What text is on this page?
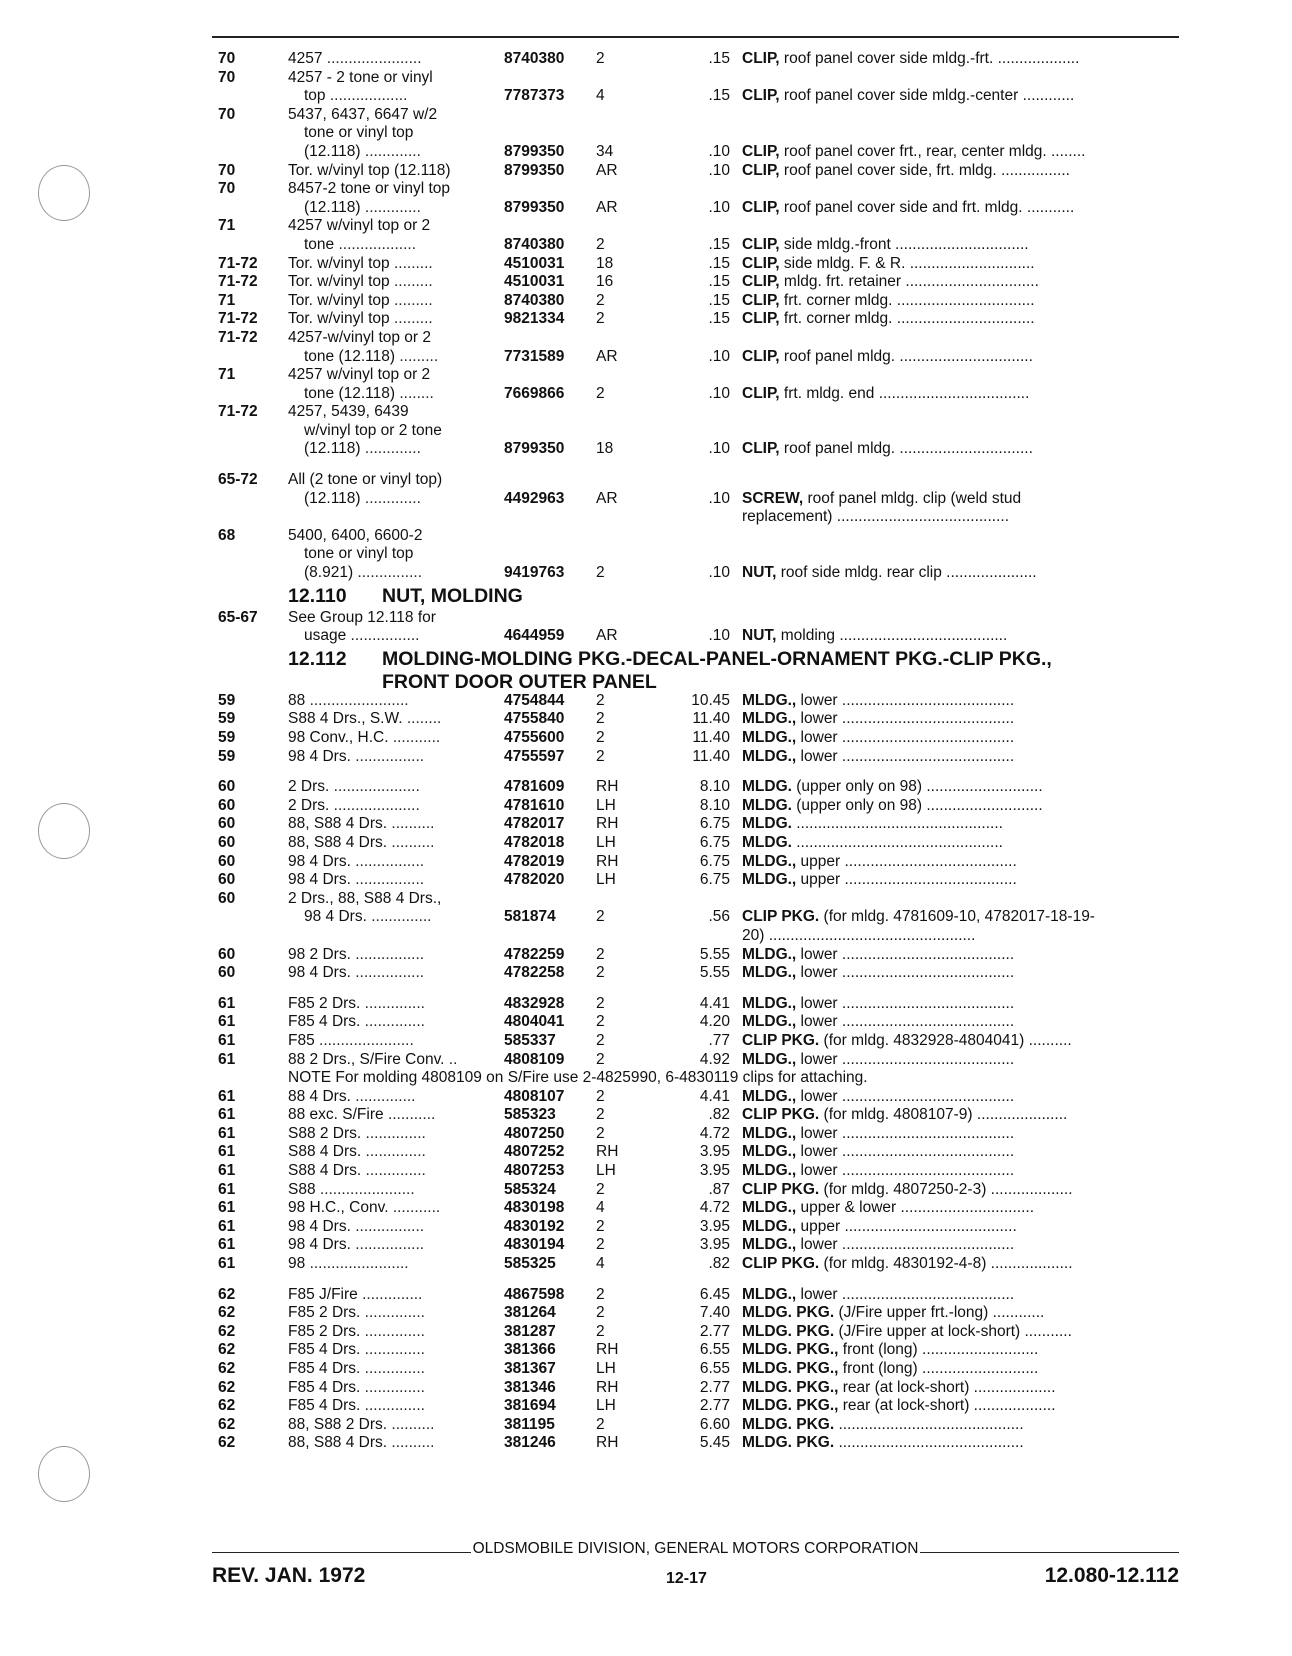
70	4257 ......................	8740380	2	.15 CLIP, roof panel cover side mldg.-frt. ...................
70	4257 - 2 tone or vinyl
top ..................	7787373	4	.15 CLIP, roof panel cover side mldg.-center ............
70	5437, 6437, 6647 w/2
tone or vinyl top
(12.118) .............	8799350	34	.10 CLIP, roof panel cover frt., rear, center mldg. ........
70	Tor. w/vinyl top (12.118)	8799350	AR	.10 CLIP, roof panel cover side, frt. mldg. ................
70	8457-2 tone or vinyl top
(12.118) .............	8799350	AR	.10 CLIP, roof panel cover side and frt. mldg. ...........
71	4257 w/vinyl top or 2
tone ..................	8740380	2	.15 CLIP, side mldg.-front ...............................
71-72	Tor. w/vinyl top .........	4510031	18	.15 CLIP, side mldg. F. & R. .............................
71-72	Tor. w/vinyl top .........	4510031	16	.15 CLIP, mldg. frt. retainer ...............................
71	Tor. w/vinyl top .........	8740380	2	.15 CLIP, frt. corner mldg. ................................
71-72	Tor. w/vinyl top .........	9821334	2	.15 CLIP, frt. corner mldg. ................................
71-72	4257-w/vinyl top or 2
tone (12.118) .........	7731589	AR	.10 CLIP, roof panel mldg. ...............................
71	4257 w/vinyl top or 2
tone (12.118) ........	7669866	2	.10 CLIP, frt. mldg. end ...................................
71-72	4257, 5439, 6439
w/vinyl top or 2 tone
(12.118) .............	8799350	18	.10 CLIP, roof panel mldg. ...............................
65-72	All (2 tone or vinyl top)
(12.118) .............	4492963	AR	.10 SCREW, roof panel mldg. clip (weld stud
replacement) ........................................
68	5400, 6400, 6600-2
tone or vinyl top
(8.921) ...............	9419763	2	.10 NUT, roof side mldg. rear clip .....................
12.110 NUT, MOLDING
65-67	See Group 12.118 for
usage ................	4644959	AR	.10 NUT, molding .......................................
12.112 MOLDING-MOLDING PKG.-DECAL-PANEL-ORNAMENT PKG.-CLIP PKG.,
FRONT DOOR OUTER PANEL
59	88 .......................	4754844	2	10.45 MLDG., lower ........................................
59	S88 4 Drs., S.W. ........	4755840	2	11.40 MLDG., lower ........................................
59	98 Conv., H.C. ...........	4755600	2	11.40 MLDG., lower ........................................
59	98 4 Drs. ................	4755597	2	11.40 MLDG., lower ........................................
60	2 Drs. ....................	4781609	RH	8.10 MLDG. (upper only on 98) ...........................
60	2 Drs. ....................	4781610	LH	8.10 MLDG. (upper only on 98) ...........................
60	88, S88 4 Drs. ..........	4782017	RH	6.75 MLDG. ................................................
60	88, S88 4 Drs. ..........	4782018	LH	6.75 MLDG. ................................................
60	98 4 Drs. ................	4782019	RH	6.75 MLDG., upper ........................................
60	98 4 Drs. ................	4782020	LH	6.75 MLDG., upper ........................................
60	2 Drs., 88, S88 4 Drs.,
98 4 Drs. ..............	581874	2	.56 CLIP PKG. (for mldg. 4781609-10, 4782017-18-19-
20) ................................................
60	98 2 Drs. ................	4782259	2	5.55 MLDG., lower ........................................
60	98 4 Drs. ................	4782258	2	5.55 MLDG., lower ........................................
61	F85 2 Drs. ..............	4832928	2	4.41 MLDG., lower ........................................
61	F85 4 Drs. ..............	4804041	2	4.20 MLDG., lower ........................................
61	F85 ......................	585337	2	.77 CLIP PKG. (for mldg. 4832928-4804041) ..........
61	88 2 Drs., S/Fire Conv. ..	4808109	2	4.92 MLDG., lower ........................................
NOTE For molding 4808109 on S/Fire use 2-4825990, 6-4830119 clips for attaching.
61	88 4 Drs. ..............	4808107	2	4.41 MLDG., lower ........................................
61	88 exc. S/Fire ...........	585323	2	.82 CLIP PKG. (for mldg. 4808107-9) .....................
61	S88 2 Drs. ..............	4807250	2	4.72 MLDG., lower ........................................
61	S88 4 Drs. ..............	4807252	RH	3.95 MLDG., lower ........................................
61	S88 4 Drs. ..............	4807253	LH	3.95 MLDG., lower ........................................
61	S88 ......................	585324	2	.87 CLIP PKG. (for mldg. 4807250-2-3) ...................
61	98 H.C., Conv. ...........	4830198	4	4.72 MLDG., upper & lower ...............................
61	98 4 Drs. ................	4830192	2	3.95 MLDG., upper ........................................
61	98 4 Drs. ................	4830194	2	3.95 MLDG., lower ........................................
61	98 .......................	585325	4	.82 CLIP PKG. (for mldg. 4830192-4-8) ...................
62	F85 J/Fire ..............	4867598	2	6.45 MLDG., lower ........................................
62	F85 2 Drs. ..............	381264	2	7.40 MLDG. PKG. (J/Fire upper frt.-long) ............
62	F85 2 Drs. ..............	381287	2	2.77 MLDG. PKG. (J/Fire upper at lock-short) ...........
62	F85 4 Drs. ..............	381366	RH	6.55 MLDG. PKG., front (long) ...........................
62	F85 4 Drs. ..............	381367	LH	6.55 MLDG. PKG., front (long) ...........................
62	F85 4 Drs. ..............	381346	RH	2.77 MLDG. PKG., rear (at lock-short) ...................
62	F85 4 Drs. ..............	381694	LH	2.77 MLDG. PKG., rear (at lock-short) ...................
62	88, S88 2 Drs. ..........	381195	2	6.60 MLDG. PKG. ...........................................
62	88, S88 4 Drs. ..........	381246	RH	5.45 MLDG. PKG. ...........................................
OLDSMOBILE DIVISION, GENERAL MOTORS CORPORATION
REV. JAN. 1972	12-17	12.080-12.112
